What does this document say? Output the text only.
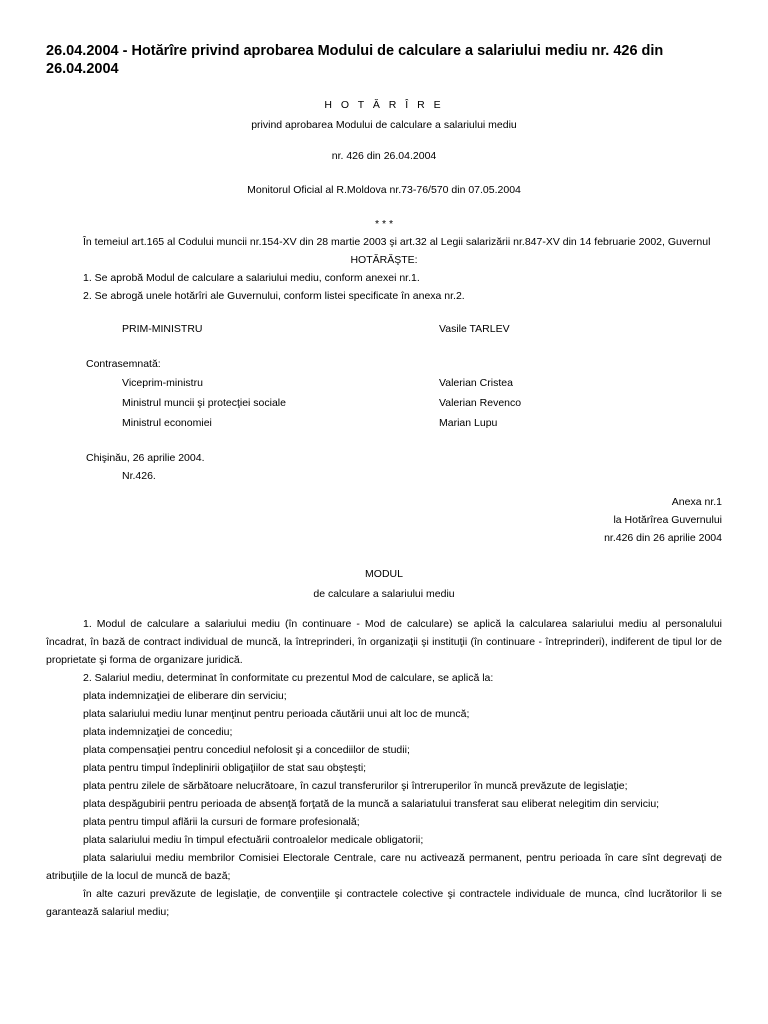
26.04.2004 - Hotărîre privind aprobarea Modului de calculare a salariului mediu nr. 426 din 26.04.2004
H O T Ă R Î R E
privind aprobarea Modului de calculare a salariului mediu
nr. 426 din 26.04.2004
Monitorul Oficial al R.Moldova nr.73-76/570 din 07.05.2004
* * *

În temeiul art.165 al Codului muncii nr.154-XV din 28 martie 2003 şi art.32 al Legii salarizării nr.847-XV din 14 februarie 2002, Guvernul

HOTĂRĂŞTE:

1. Se aprobă Modul de calculare a salariului mediu, conform anexei nr.1.

2. Se abrogă unele hotărîri ale Guvernului, conform listei specificate în anexa nr.2.

PRIM-MINISTRU	Vasile TARLEV
Contrasemnată:
Viceprim-ministru	Valerian Cristea
Ministrul muncii şi protecţiei sociale	Valerian Revenco
Ministrul economiei	Marian Lupu
Chişinău, 26 aprilie 2004.
Nr.426.
Anexa nr.1
la Hotărîrea Guvernului
nr.426 din 26 aprilie 2004
MODUL
de calculare a salariului mediu

1. Modul de calculare a salariului mediu (în continuare - Mod de calculare) se aplică la calcularea salariului mediu al personalului încadrat, în bază de contract individual de muncă, la întreprinderi, în organizaţii şi instituţii (în continuare - întreprinderi), indiferent de tipul lor de proprietate şi forma de organizare juridică.

2. Salariul mediu, determinat în conformitate cu prezentul Mod de calculare, se aplică la:

plata indemnizaţiei de eliberare din serviciu;

plata salariului mediu lunar menţinut pentru perioada căutării unui alt loc de muncă;

plata indemnizaţiei de concediu;

plata compensaţiei pentru concediul nefolosit şi a concediilor de studii;

plata pentru timpul îndeplinirii obligaţiilor de stat sau obşteşti;

plata pentru zilele de sărbătoare nelucrătoare, în cazul transferurilor şi întreruperilor în muncă prevăzute de legislaţie;

plata despăgubirii pentru perioada de absenţă forţată de la muncă a salariatului transferat sau eliberat nelegitim din serviciu;

plata pentru timpul aflării la cursuri de formare profesională;

plata salariului mediu în timpul efectuării controalelor medicale obligatorii;

plata salariului mediu membrilor Comisiei Electorale Centrale, care nu activează permanent, pentru perioada în care sînt degrevaţi de atribuţiile de la locul de muncă de bază;

în alte cazuri prevăzute de legislaţie, de convenţiile şi contractele colective şi contractele individuale de munca, cînd lucrătorilor li se garantează salariul mediu;
